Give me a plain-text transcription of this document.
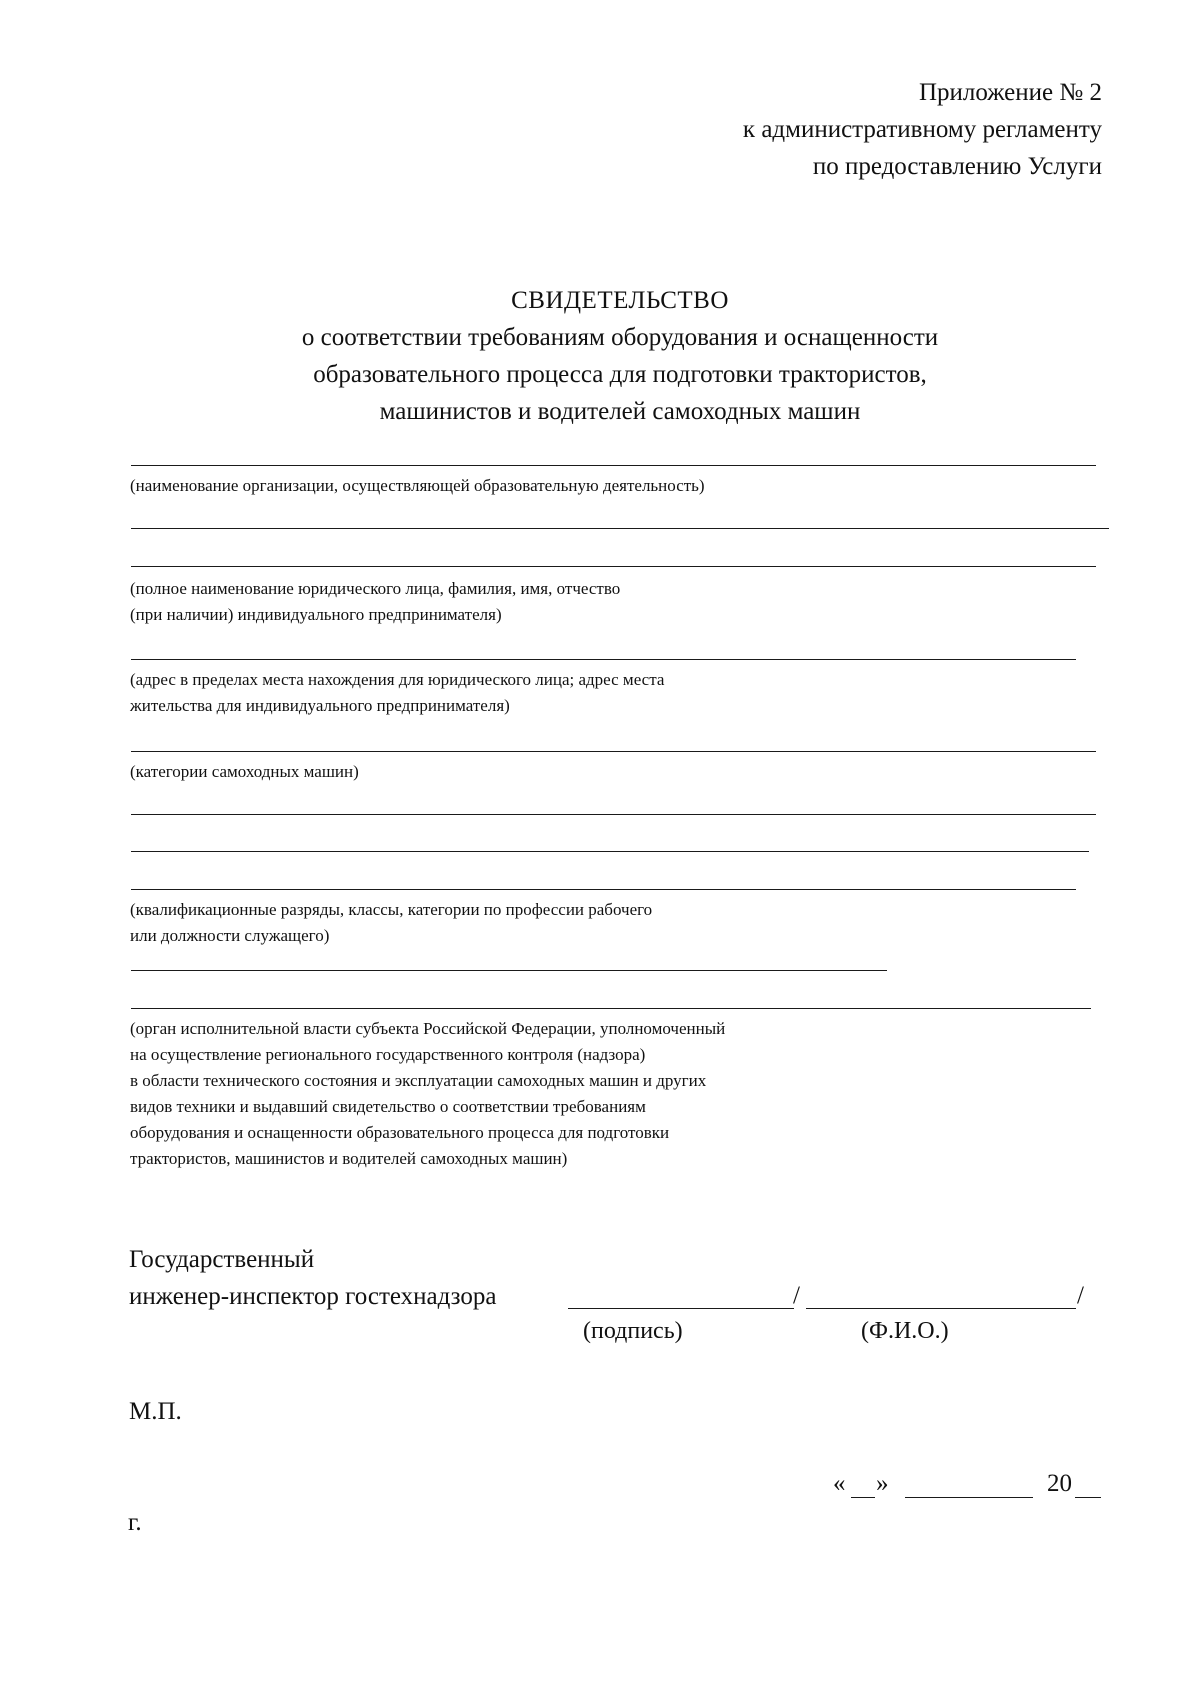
Приложение № 2
к административному регламенту
по предоставлению Услуги
СВИДЕТЕЛЬСТВО
о соответствии требованиям оборудования и оснащенности
образовательного процесса для подготовки трактористов,
машинистов и водителей самоходных машин
(наименование организации, осуществляющей образовательную деятельность)
(полное наименование юридического лица, фамилия, имя, отчество
(при наличии) индивидуального предпринимателя)
(адрес в пределах места нахождения для юридического лица; адрес места
жительства для индивидуального предпринимателя)
(категории самоходных машин)
(квалификационные разряды, классы, категории по профессии рабочего
или должности служащего)
(орган исполнительной власти субъекта Российской Федерации, уполномоченный
на осуществление регионального государственного контроля (надзора)
в области технического состояния и эксплуатации самоходных машин и других
видов техники и выдавший свидетельство о соответствии требованиям
оборудования и оснащенности образовательного процесса для подготовки
трактористов, машинистов и водителей самоходных машин)
Государственный
инженер-инспектор гостехнадзора	/	/
(подпись)	(Ф.И.О.)
М.П.
« »	20
г.
